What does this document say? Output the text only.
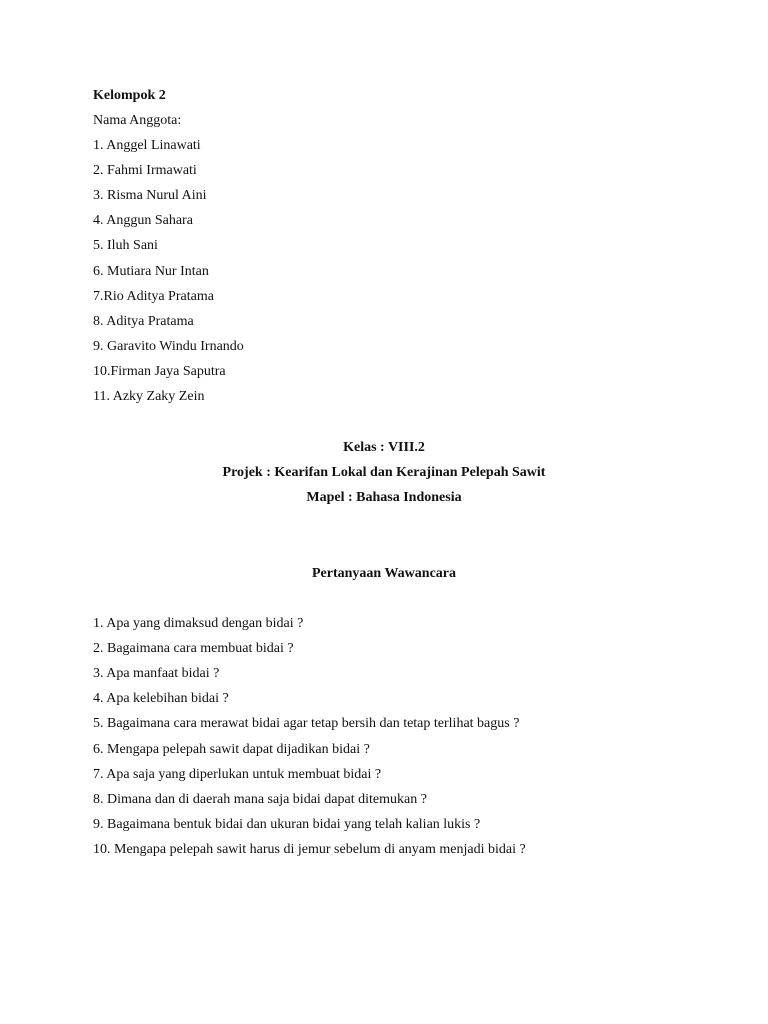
Kelompok 2
Nama Anggota:
1. Anggel Linawati
2. Fahmi Irmawati
3. Risma Nurul Aini
4. Anggun Sahara
5. Iluh Sani
6. Mutiara Nur Intan
7.Rio Aditya Pratama
8. Aditya Pratama
9. Garavito Windu Irnando
10.Firman Jaya Saputra
11. Azky Zaky Zein
Kelas : VIII.2
Projek : Kearifan Lokal dan Kerajinan Pelepah Sawit
Mapel : Bahasa Indonesia
Pertanyaan Wawancara
1. Apa yang dimaksud dengan bidai ?
2. Bagaimana cara membuat bidai ?
3. Apa manfaat bidai ?
4. Apa kelebihan bidai ?
5. Bagaimana cara merawat bidai agar tetap bersih dan tetap terlihat bagus ?
6. Mengapa pelepah sawit dapat dijadikan bidai ?
7. Apa saja yang diperlukan untuk membuat bidai ?
8. Dimana dan di daerah mana saja bidai dapat ditemukan ?
9. Bagaimana bentuk bidai dan ukuran bidai yang telah kalian lukis ?
10. Mengapa pelepah sawit harus di jemur sebelum di anyam menjadi bidai ?
